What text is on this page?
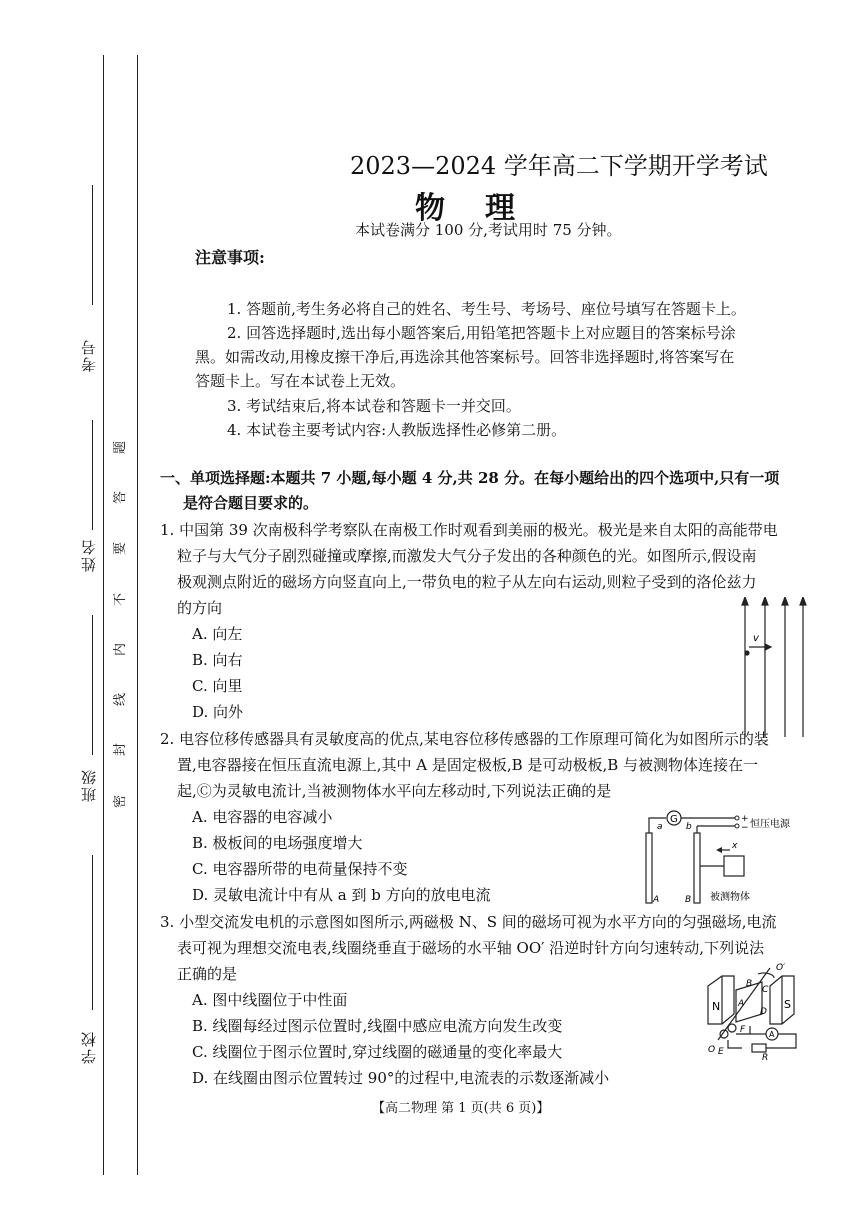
考号
姓名
班级
学校
题
答
要
不
内
线
封
密
2023—2024 学年高二下学期开学考试
物理
本试卷满分 100 分,考试用时 75 分钟。
注意事项:
1. 答题前,考生务必将自己的姓名、考生号、考场号、座位号填写在答题卡上。
2. 回答选择题时,选出每小题答案后,用铅笔把答题卡上对应题目的答案标号涂
黑。如需改动,用橡皮擦干净后,再选涂其他答案标号。回答非选择题时,将答案写在
答题卡上。写在本试卷上无效。
3. 考试结束后,将本试卷和答题卡一并交回。
4. 本试卷主要考试内容:人教版选择性必修第二册。
一、单项选择题:本题共 7 小题,每小题 4 分,共 28 分。在每小题给出的四个选项中,只有一项
是符合题目要求的。
1. 中国第 39 次南极科学考察队在南极工作时观看到美丽的极光。极光是来自太阳的高能带电
粒子与大气分子剧烈碰撞或摩擦,而激发大气分子发出的各种颜色的光。如图所示,假设南
极观测点附近的磁场方向竖直向上,一带负电的粒子从左向右运动,则粒子受到的洛伦兹力
的方向
A. 向左
B. 向右
C. 向里
D. 向外
v
2. 电容位移传感器具有灵敏度高的优点,某电容位移传感器的工作原理可简化为如图所示的装
置,电容器接在恒压直流电源上,其中 A 是固定极板,B 是可动极板,B 与被测物体连接在一
起,Ⓒ为灵敏电流计,当被测物体水平向左移动时,下列说法正确的是
A. 电容器的电容减小
B. 极板间的电场强度增大
C. 电容器所带的电荷量保持不变
D. 灵敏电流计中有从 a 到 b 方向的放电电流
G
a	b
+
− 恒压电源
x
A	B 被测物体
3. 小型交流发电机的示意图如图所示,两磁极 N、S 间的磁场可视为水平方向的匀强磁场,电流
表可视为理想交流电表,线圈绕垂直于磁场的水平轴 OO′ 沿逆时针方向匀速转动,下列说法
正确的是
A. 图中线圈位于中性面
B. 线圈每经过图示位置时,线圈中感应电流方向发生改变
C. 线圈位于图示位置时,穿过线圈的磁通量的变化率最大
D. 在线圈由图示位置转过 90°的过程中,电流表的示数逐渐减小
N	S
A
B
C
D
O′
O E
F
R
A
【高二物理 第 1 页(共 6 页)】
